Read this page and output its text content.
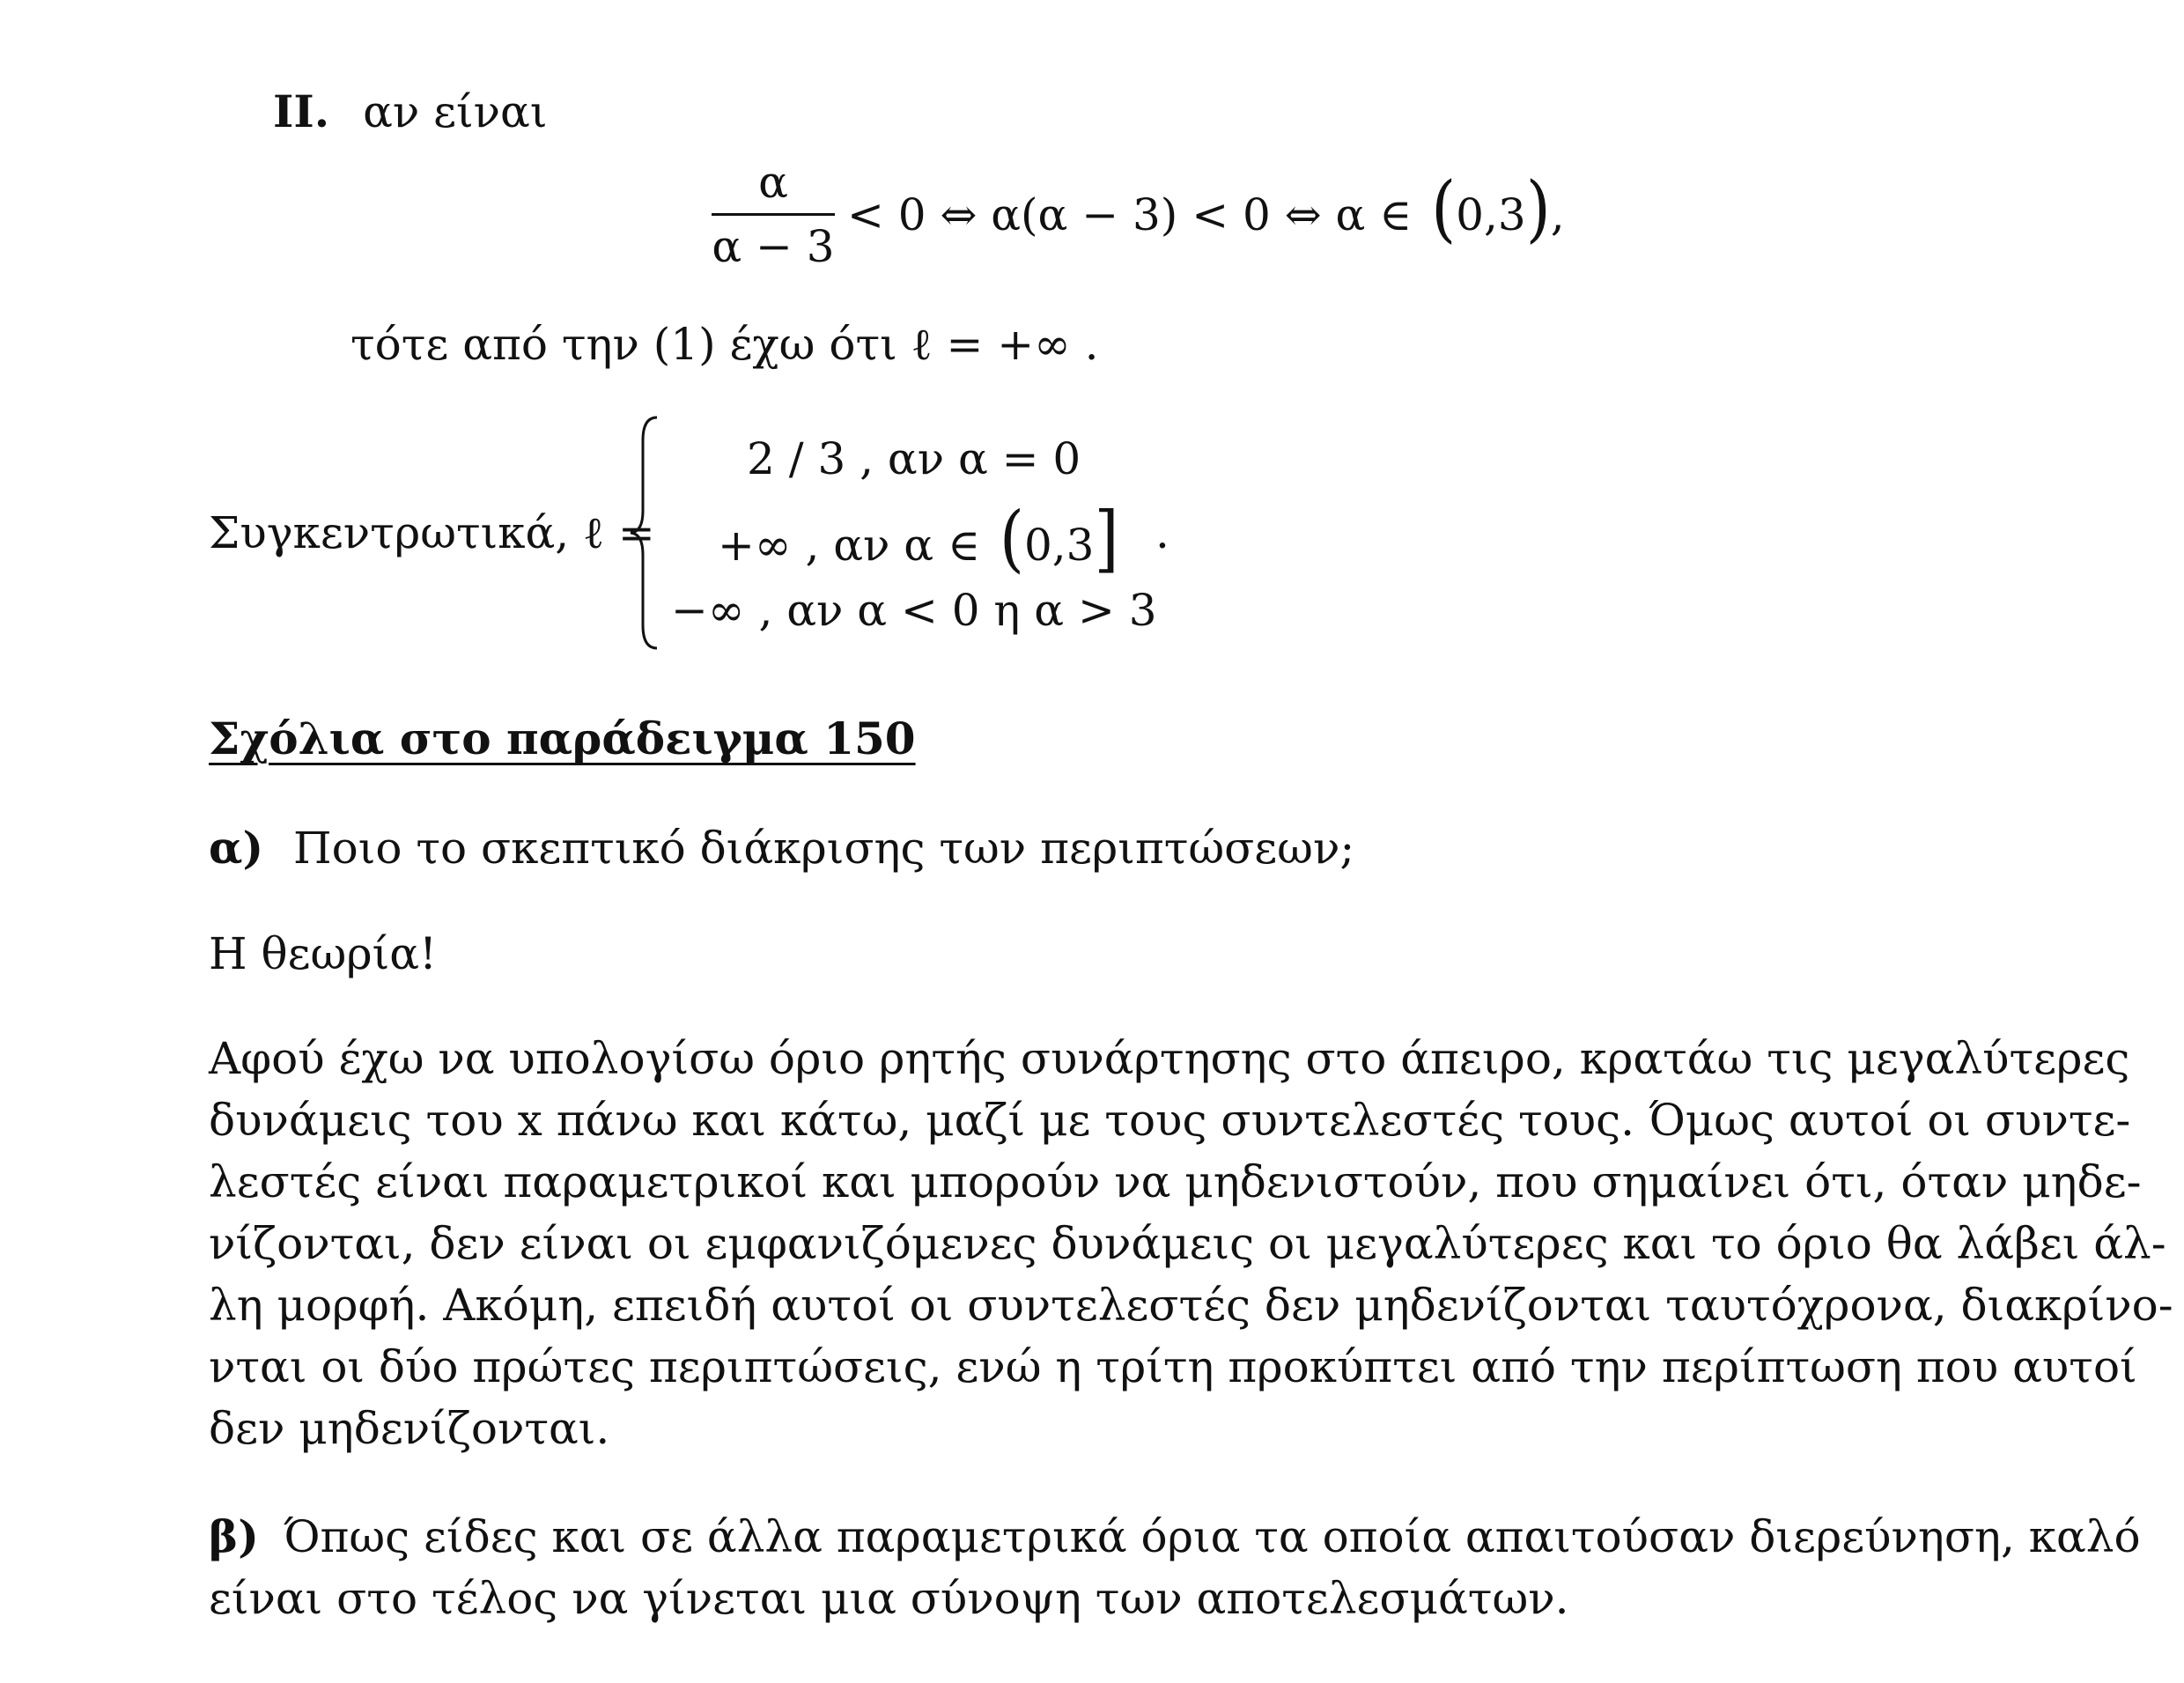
II. αν είναι
α
α − 3
< 0 ⇔ α(α − 3) < 0 ⇔ α ∈ (0,3),
τότε από την (1) έχω ότι ℓ = +∞ .
Συγκεντρωτικά, ℓ =
2 / 3 , αν α = 0
+∞ , αν α ∈ (0,3]
−∞ , αν α < 0 η α > 3
.
Σχόλια στο παράδειγμα 150
α) Ποιο το σκεπτικό διάκρισης των περιπτώσεων;
Η θεωρία!
Αφού έχω να υπολογίσω όριο ρητής συνάρτησης στο άπειρο, κρατάω τις μεγαλύτερες
δυνάμεις του x πάνω και κάτω, μαζί με τους συντελεστές τους. Όμως αυτοί οι συντε-
λεστές είναι παραμετρικοί και μπορούν να μηδενιστούν, που σημαίνει ότι, όταν μηδε-
νίζονται, δεν είναι οι εμφανιζόμενες δυνάμεις οι μεγαλύτερες και το όριο θα λάβει άλ-
λη μορφή. Ακόμη, επειδή αυτοί οι συντελεστές δεν μηδενίζονται ταυτόχρονα, διακρίνο-
νται οι δύο πρώτες περιπτώσεις, ενώ η τρίτη προκύπτει από την περίπτωση που αυτοί
δεν μηδενίζονται.
β) Όπως είδες και σε άλλα παραμετρικά όρια τα οποία απαιτούσαν διερεύνηση, καλό
είναι στο τέλος να γίνεται μια σύνοψη των αποτελεσμάτων.
